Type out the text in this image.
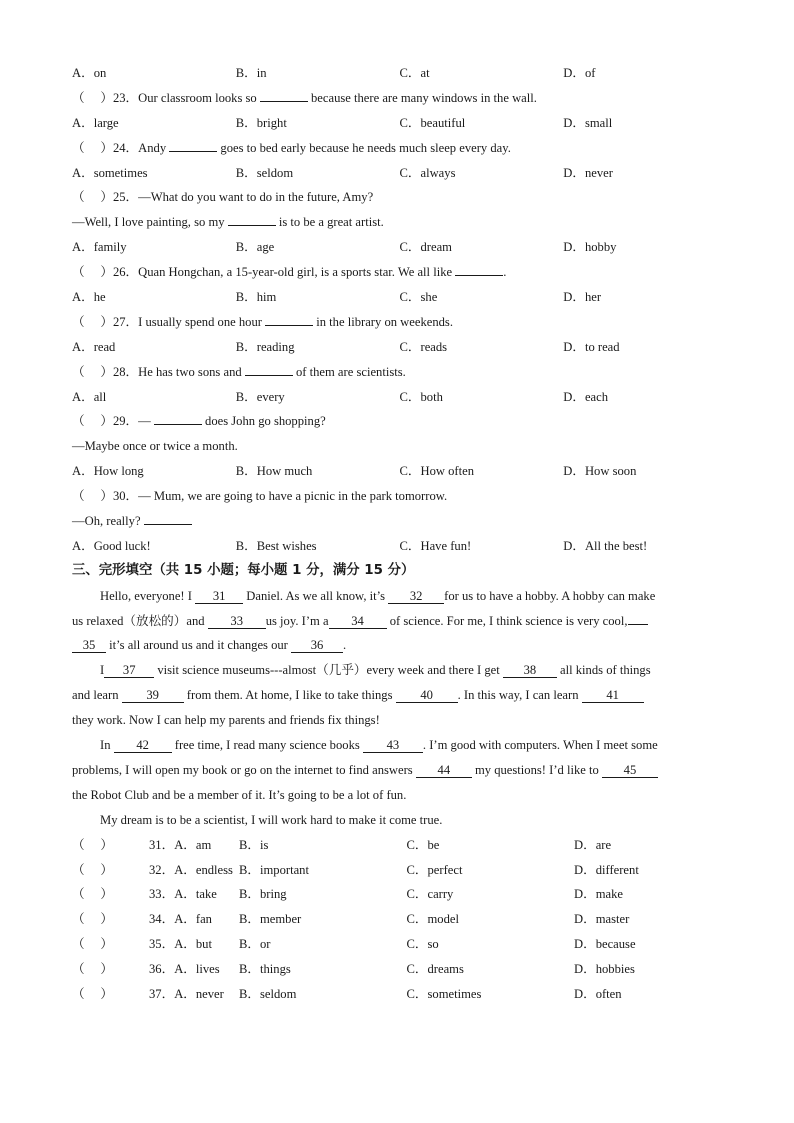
A．on	B．in	C．at	D．of
（　 ）23．Our classroom looks so	because there are many windows in the wall.
A．large	B．bright	C．beautiful	D．small
（　 ）24．Andy	goes to bed early because he needs much sleep every day.
A．sometimes	B．seldom	C．always	D．never
（　 ）25．—What do you want to do in the future, Amy?
—Well, I love painting, so my	is to be a great artist.
A．family	B．age	C．dream	D．hobby
（　 ）26．Quan Hongchan, a 15-year-old girl, is a sports star. We all like	.
A．he	B．him	C．she	D．her
（　 ）27．I usually spend one hour	in the library on weekends.
A．read	B．reading	C．reads	D．to read
（　 ）28．He has two sons and	of them are scientists.
A．all	B．every	C．both	D．each
（　 ）29．—	does John go shopping?
—Maybe once or twice a month.
A．How long	B．How much	C．How often	D．How soon
（　 ）30．— Mum, we are going to have a picnic in the park tomorrow.
—Oh, really?
A．Good luck!	B．Best wishes	C．Have fun!	D．All the best!
三、完形填空（共 15 小题；每小题 1 分，满分 15 分）
Hello, everyone! I 31 Daniel. As we all know, it’s 32 for us to have a hobby. A hobby can make
us relaxed（放松的）and 33 us joy. I’m a 34 of science. For me, I think science is very cool,
35 it’s all around us and it changes our 36 .
I 37 visit science museums---almost（几乎）every week and there I get 38 all kinds of things
and learn 39 from them. At home, I like to take things 40 . In this way, I can learn 41
they work. Now I can help my parents and friends fix things!
In 42 free time, I read many science books 43 . I’m good with computers. When I meet some
problems, I will open my book or go on the internet to find answers 44 my questions! I’d like to 45
the Robot Club and be a member of it. It’s going to be a lot of fun.
My dream is to be a scientist, I will work hard to make it come true.
（　 ）	31．A．am	B．is	C．be	D．are
（　 ）	32．A．endless B．important	C．perfect	D．different
（　 ）	33．A．take	B．bring	C．carry	D．make
（　 ）	34．A．fan	B．member	C．model	D．master
（　 ）	35．A．but	B．or	C．so	D．because
（　 ）	36．A．lives	B．things	C．dreams	D．hobbies
（　 ）	37．A．never	B．seldom	C．sometimes	D．often
